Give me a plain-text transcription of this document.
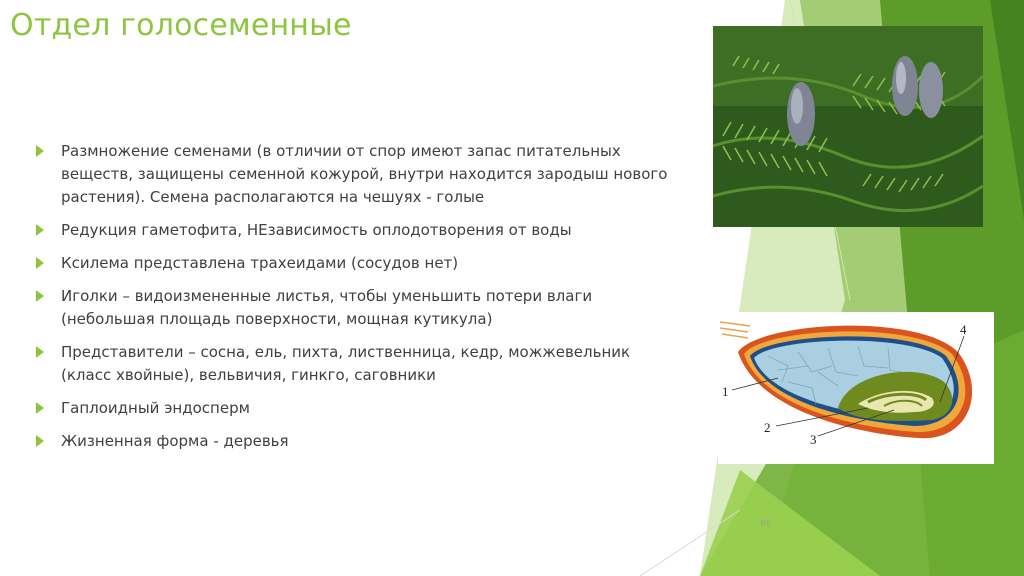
Отдел голосеменные
Размножение семенами (в отличии от спор имеют запас питательных веществ, защищены семенной кожурой, внутри находится зародыш нового растения). Семена располагаются на чешуях - голые
Редукция гаметофита, НЕзависимость оплодотворения от воды
Ксилема представлена трахеидами (сосудов нет)
Иголки – видоизмененные листья, чтобы уменьшить потери влаги (небольшая площадь поверхности, мощная кутикула)
Представители – сосна, ель, пихта, лиственница, кедр, можжевельник (класс хвойные), вельвичия, гинкго, саговники
Гаплоидный эндосперм
Жизненная форма - деревья
1
2
3
4
86
